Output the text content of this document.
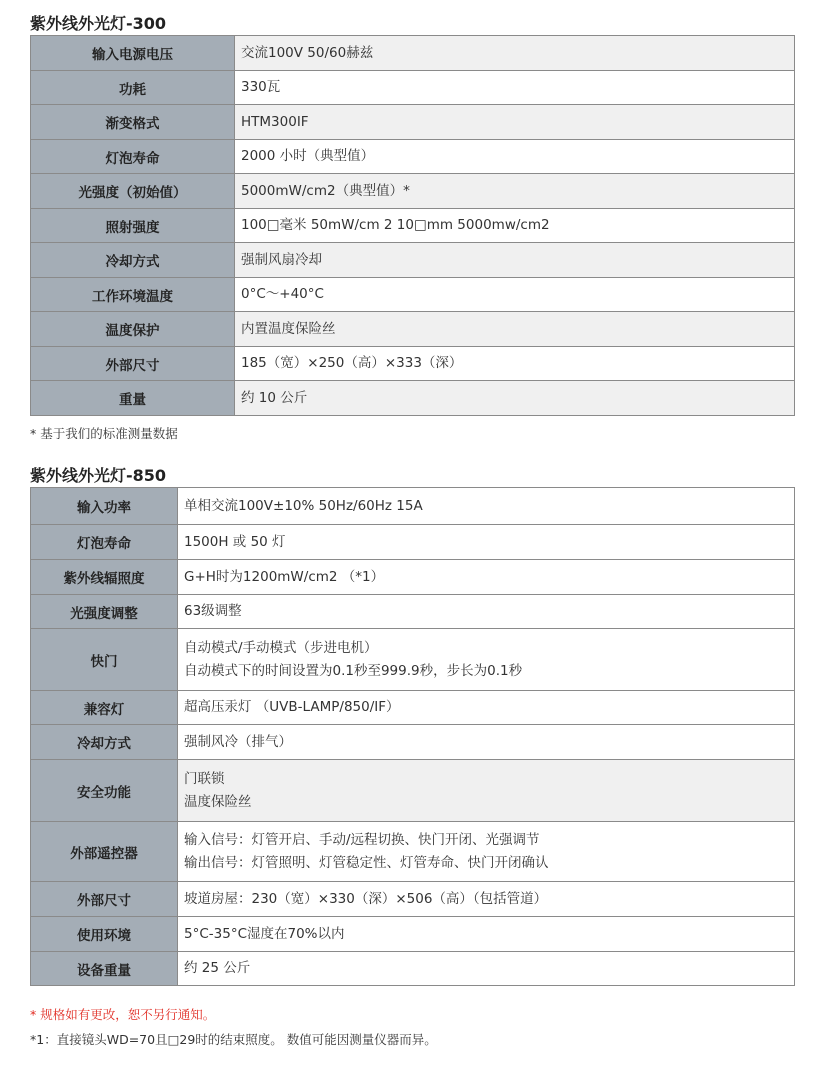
紫外线外光灯-300
输入电源电压	交流100V 50/60赫兹

功耗	330瓦

渐变格式	HTM300IF

灯泡寿命	2000 小时（典型值）

光强度（初始值）	5000mW/cm2（典型值）*

照射强度	100□毫米 50mW/cm 2 10□mm 5000mw/cm2

冷却方式	强制风扇冷却

工作环境温度	0°C～+40°C

温度保护	内置温度保险丝

外部尺寸	185（宽）×250（高）×333（深）

重量	约 10 公斤
* 基于我们的标准测量数据
紫外线外光灯-850
输入功率	单相交流100V±10% 50Hz/60Hz 15A

灯泡寿命	1500H 或 50 灯

紫外线辐照度	G+H时为1200mW/cm2 （*1）

光强度调整	63级调整

快门	自动模式/手动模式（步进电机）
自动模式下的时间设置为0.1秒至999.9秒，步长为0.1秒

兼容灯	超高压汞灯 （UVB-LAMP/850/IF）

冷却方式	强制风冷（排气）

安全功能	门联锁
温度保险丝

外部遥控器	输入信号：灯管开启、手动/远程切换、快门开闭、光强调节
输出信号：灯管照明、灯管稳定性、灯管寿命、快门开闭确认

外部尺寸	坡道房屋：230（宽）×330（深）×506（高）（包括管道）

使用环境	5°C-35°C湿度在70%以内

设备重量	约 25 公斤
* 规格如有更改，恕不另行通知。
*1：直接镜头WD=70且□29时的结束照度。 数值可能因测量仪器而异。
